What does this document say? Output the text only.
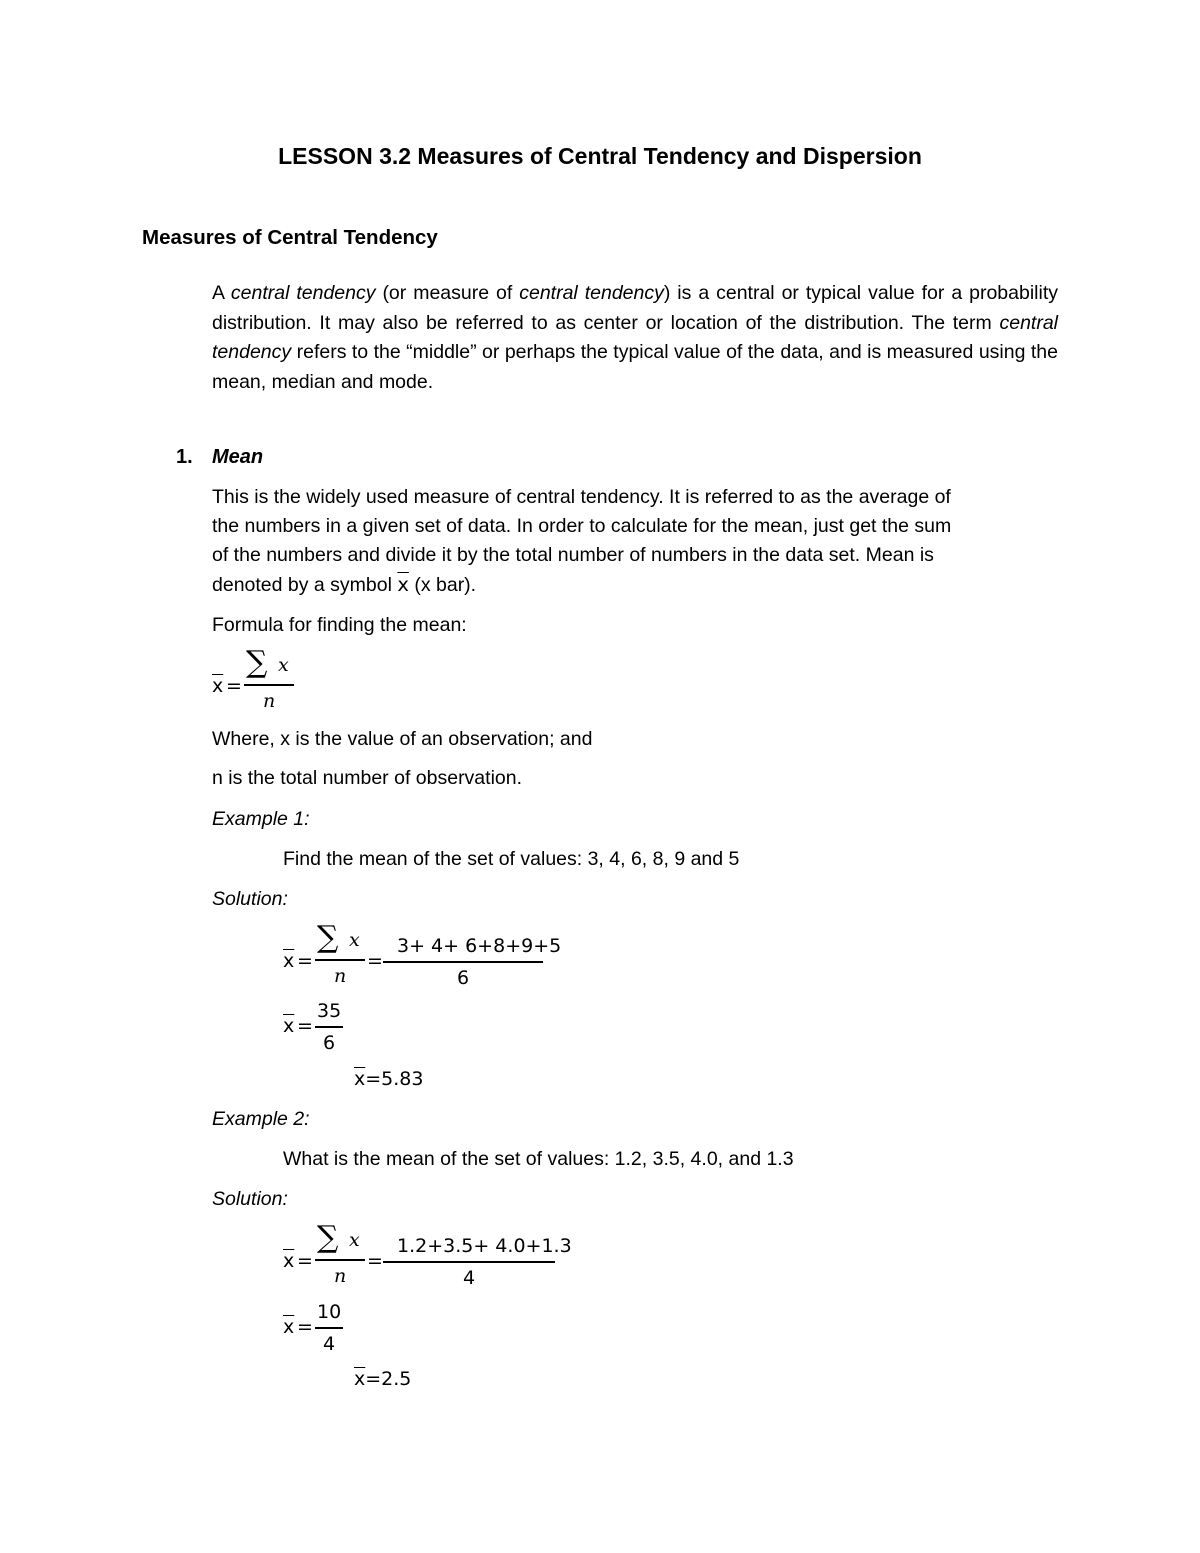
LESSON 3.2 Measures of Central Tendency and Dispersion
Measures of Central Tendency
A central tendency (or measure of central tendency) is a central or typical value for a probability distribution. It may also be referred to as center or location of the distribution. The term central tendency refers to the “middle” or perhaps the typical value of the data, and is measured using the mean, median and mode.
1. Mean
This is the widely used measure of central tendency. It is referred to as the average of
the numbers in a given set of data. In order to calculate for the mean, just get the sum
of the numbers and divide it by the total number of numbers in the data set. Mean is
denoted by a symbol $\overline{x}$ (x bar).
Formula for finding the mean:
$\overline{x}$ =
∑ x
n
Where, x is the value of an observation; and
n is the total number of observation.
Example 1:
Find the mean of the set of values: 3, 4, 6, 8, 9 and 5
Solution:
$\overline{x}$ =
∑ x
n
=
3+ 4+ 6+8+9+5
6
$\overline{x}$ =
35
6
$\overline{x}=5.83$
Example 2:
What is the mean of the set of values: 1.2, 3.5, 4.0, and 1.3
Solution:
$\overline{x}$ =
∑ x
n
=
1.2+3.5+ 4.0+1.3
4
$\overline{x}$ =
10
4
$\overline{x}=2.5$
